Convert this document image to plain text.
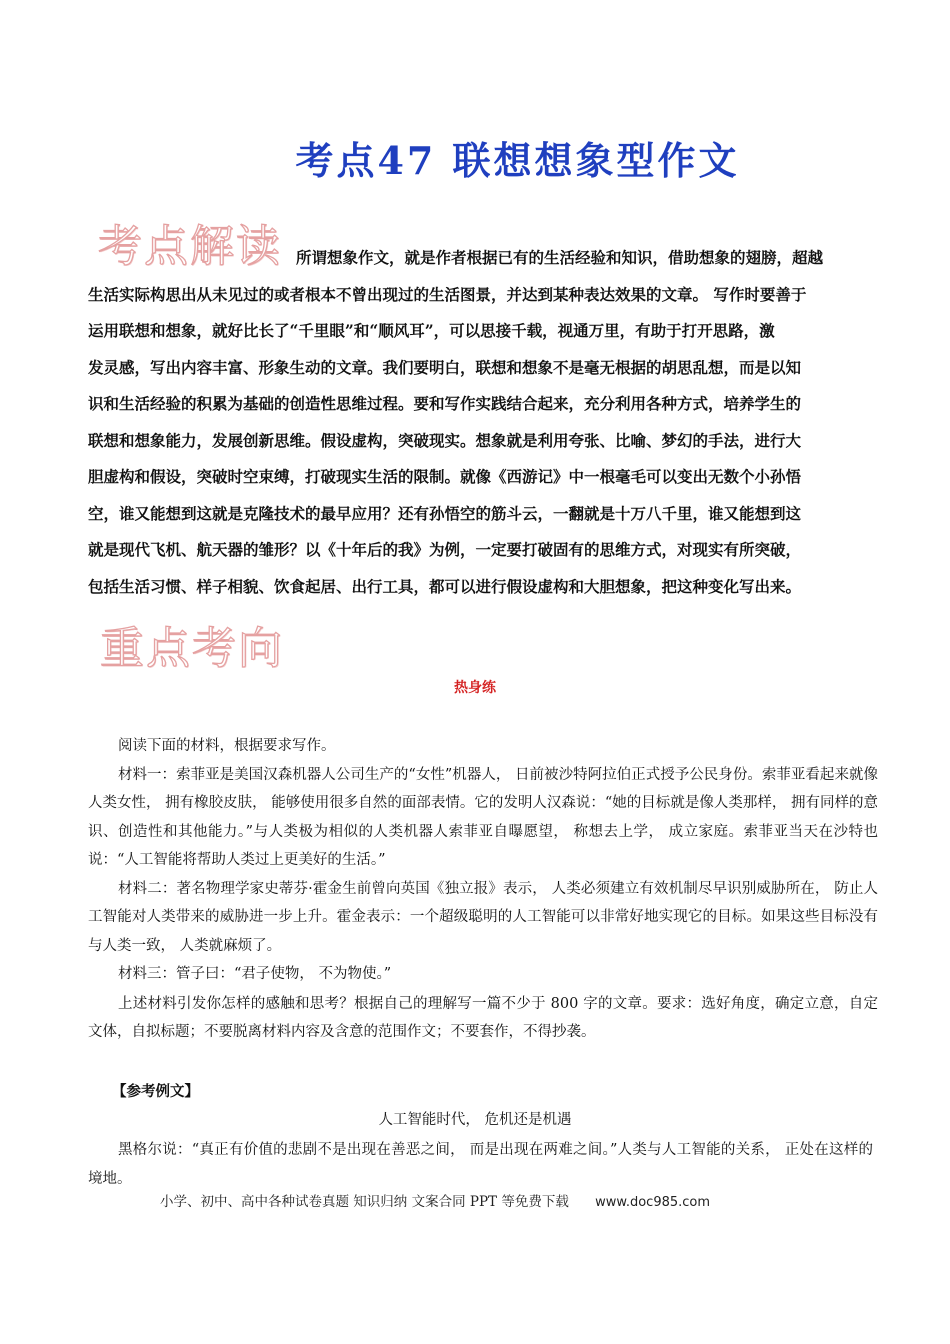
考点47 联想想象型作文
考点解读 所谓想象作文，就是作者根据已有的生活经验和知识，借助想象的翅膀，超越
生活实际构思出从未见过的或者根本不曾出现过的生活图景，并达到某种表达效果的文章。 写作时要善于
运用联想和想象，就好比长了“千里眼”和“顺风耳”，可以思接千载，视通万里，有助于打开思路，激
发灵感，写出内容丰富、形象生动的文章。我们要明白，联想和想象不是毫无根据的胡思乱想，而是以知
识和生活经验的积累为基础的创造性思维过程。要和写作实践结合起来，充分利用各种方式，培养学生的
联想和想象能力，发展创新思维。假设虚构，突破现实。想象就是利用夸张、比喻、梦幻的手法，进行大
胆虚构和假设，突破时空束缚，打破现实生活的限制。就像《西游记》中一根毫毛可以变出无数个小孙悟
空，谁又能想到这就是克隆技术的最早应用？还有孙悟空的筋斗云，一翻就是十万八千里，谁又能想到这
就是现代飞机、航天器的雏形？以《十年后的我》为例，一定要打破固有的思维方式，对现实有所突破，
包括生活习惯、样子相貌、饮食起居、出行工具，都可以进行假设虚构和大胆想象，把这种变化写出来。
重点考向
热身练

阅读下面的材料，根据要求写作。

材料一：索菲亚是美国汉森机器人公司生产的“女性”机器人， 日前被沙特阿拉伯正式授予公民身份。索菲亚看起来就像人类女性， 拥有橡胶皮肤， 能够使用很多自然的面部表情。它的发明人汉森说：“她的目标就是像人类那样， 拥有同样的意识、创造性和其他能力。”与人类极为相似的人类机器人索菲亚自曝愿望， 称想去上学， 成立家庭。索菲亚当天在沙特也说：“人工智能将帮助人类过上更美好的生活。”

材料二：著名物理学家史蒂芬·霍金生前曾向英国《独立报》表示， 人类必须建立有效机制尽早识别威胁所在， 防止人工智能对人类带来的威胁进一步上升。霍金表示：一个超级聪明的人工智能可以非常好地实现它的目标。如果这些目标没有与人类一致， 人类就麻烦了。

材料三：管子曰：“君子使物， 不为物使。”

上述材料引发你怎样的感触和思考？根据自己的理解写一篇不少于 800 字的文章。要求：选好角度，确定立意，自定文体，自拟标题；不要脱离材料内容及含意的范围作文；不要套作，不得抄袭。

【参考例文】
人工智能时代， 危机还是机遇

黑格尔说：“真正有价值的悲剧不是出现在善恶之间， 而是出现在两难之间。”人类与人工智能的关系， 正处在这样的境地。

小学、初中、高中各种试卷真题 知识归纳 文案合同 PPT 等免费下载 www.doc985.com
